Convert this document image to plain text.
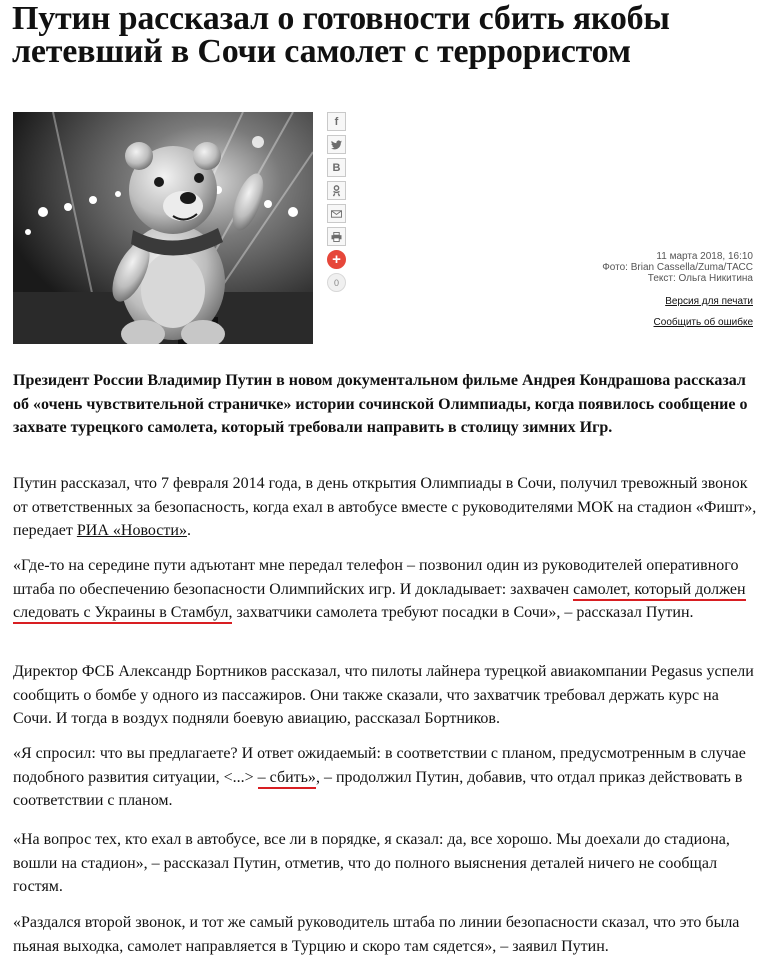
Путин рассказал о готовности сбить якобы летевший в Сочи самолет с террористом
f
В
+
0
11 марта 2018, 16:10
Фото: Brian Cassella/Zuma/ТАСС
Текст: Ольга Никитина
Версия для печати
Сообщить об ошибке

Президент России Владимир Путин в новом документальном фильме Андрея Кондрашова рассказал об «очень чувствительной страничке» истории сочинской Олимпиады, когда появилось сообщение о захвате турецкого самолета, который требовали направить в столицу зимних Игр.

Путин рассказал, что 7 февраля 2014 года, в день открытия Олимпиады в Сочи, получил тревожный звонок от ответственных за безопасность, когда ехал в автобусе вместе с руководителями МОК на стадион «Фишт», передает РИА «Новости».

«Где-то на середине пути адъютант мне передал телефон – позвонил один из руководителей оперативного штаба по обеспечению безопасности Олимпийских игр. И докладывает: захвачен самолет, который должен следовать с Украины в Стамбул, захватчики самолета требуют посадки в Сочи», – рассказал Путин.

Директор ФСБ Александр Бортников рассказал, что пилоты лайнера турецкой авиакомпании Pegasus успели сообщить о бомбе у одного из пассажиров. Они также сказали, что захватчик требовал держать курс на Сочи. И тогда в воздух подняли боевую авиацию, рассказал Бортников.

«Я спросил: что вы предлагаете? И ответ ожидаемый: в соответствии с планом, предусмотренным в случае подобного развития ситуации, <...> – сбить», – продолжил Путин, добавив, что отдал приказ действовать в соответствии с планом.

«На вопрос тех, кто ехал в автобусе, все ли в порядке, я сказал: да, все хорошо. Мы доехали до стадиона, вошли на стадион», – рассказал Путин, отметив, что до полного выяснения деталей ничего не сообщал гостям.

«Раздался второй звонок, и тот же самый руководитель штаба по линии безопасности сказал, что это была пьяная выходка, самолет направляется в Турцию и скоро там сядется», – заявил Путин.
